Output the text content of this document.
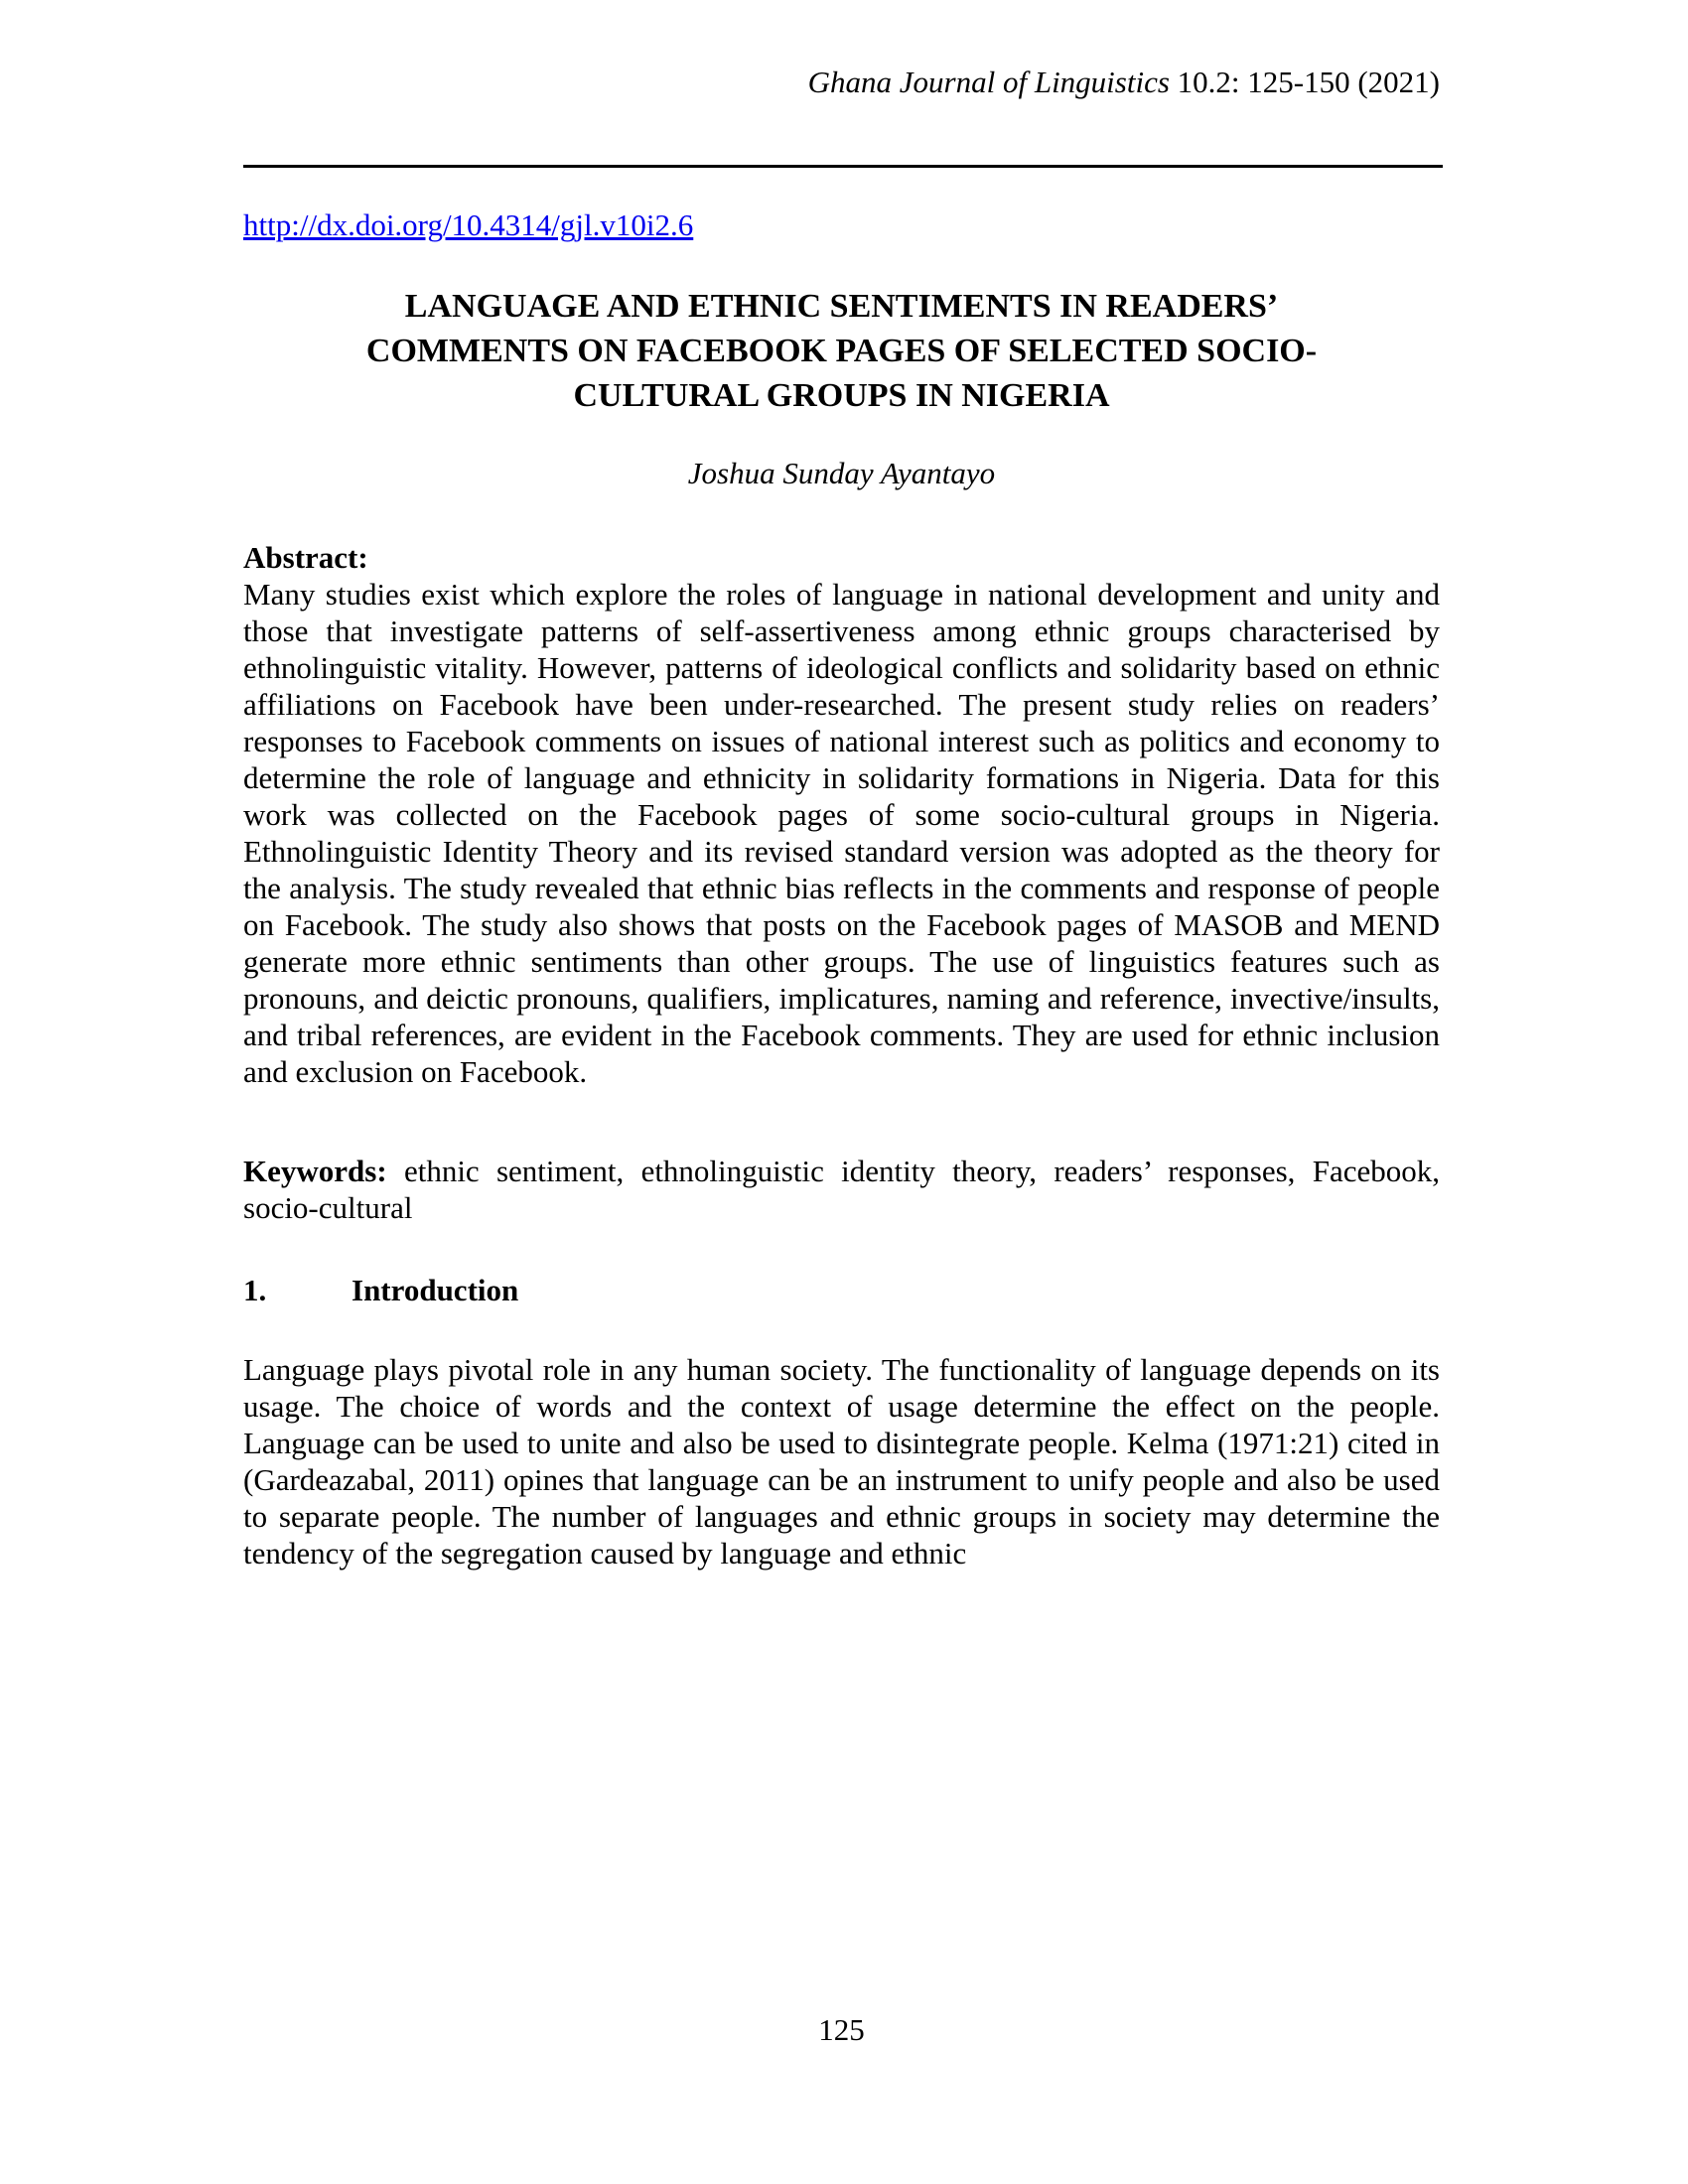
Ghana Journal of Linguistics 10.2: 125-150 (2021)
http://dx.doi.org/10.4314/gjl.v10i2.6
LANGUAGE AND ETHNIC SENTIMENTS IN READERS’
COMMENTS ON FACEBOOK PAGES OF SELECTED SOCIO-
CULTURAL GROUPS IN NIGERIA
Joshua Sunday Ayantayo
Abstract:
Many studies exist which explore the roles of language in national development and unity and those that investigate patterns of self-assertiveness among ethnic groups characterised by ethnolinguistic vitality. However, patterns of ideological conflicts and solidarity based on ethnic affiliations on Facebook have been under-researched. The present study relies on readers’ responses to Facebook comments on issues of national interest such as politics and economy to determine the role of language and ethnicity in solidarity formations in Nigeria. Data for this work was collected on the Facebook pages of some socio-cultural groups in Nigeria. Ethnolinguistic Identity Theory and its revised standard version was adopted as the theory for the analysis. The study revealed that ethnic bias reflects in the comments and response of people on Facebook. The study also shows that posts on the Facebook pages of MASOB and MEND generate more ethnic sentiments than other groups. The use of linguistics features such as pronouns, and deictic pronouns, qualifiers, implicatures, naming and reference, invective/insults, and tribal references, are evident in the Facebook comments. They are used for ethnic inclusion and exclusion on Facebook.
Keywords: ethnic sentiment, ethnolinguistic identity theory, readers’ responses, Facebook, socio-cultural
1.	Introduction
Language plays pivotal role in any human society. The functionality of language depends on its usage. The choice of words and the context of usage determine the effect on the people. Language can be used to unite and also be used to disintegrate people. Kelma (1971:21) cited in (Gardeazabal, 2011) opines that language can be an instrument to unify people and also be used to separate people. The number of languages and ethnic groups in society may determine the tendency of the segregation caused by language and ethnic
125
